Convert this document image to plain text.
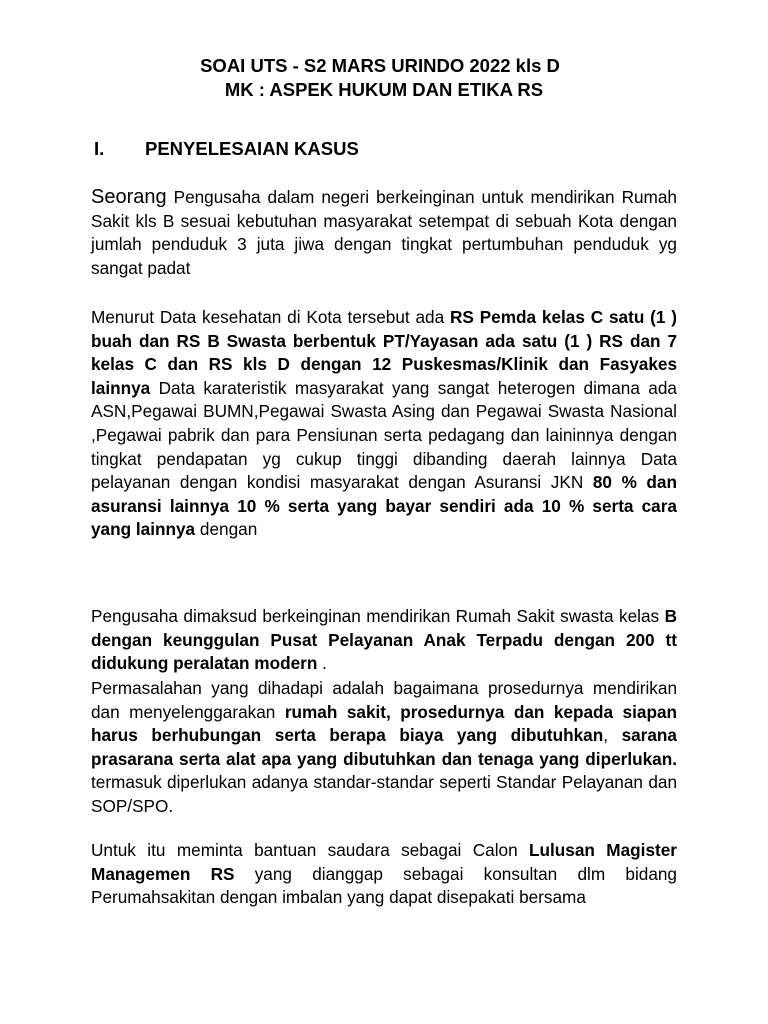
SOAI UTS - S2 MARS URINDO 2022 kls D
MK : ASPEK HUKUM DAN ETIKA RS
I. PENYELESAIAN KASUS

Seorang Pengusaha dalam negeri berkeinginan untuk mendirikan Rumah Sakit kls B sesuai kebutuhan masyarakat setempat di sebuah Kota dengan jumlah penduduk 3 juta jiwa dengan tingkat pertumbuhan penduduk yg sangat padat

Menurut Data kesehatan di Kota tersebut ada RS Pemda kelas C satu (1 ) buah dan RS B Swasta berbentuk PT/Yayasan ada satu (1 ) RS dan 7 kelas C dan RS kls D dengan 12 Puskesmas/Klinik dan Fasyakes lainnya Data karateristik masyarakat yang sangat heterogen dimana ada ASN,Pegawai BUMN,Pegawai Swasta Asing dan Pegawai Swasta Nasional ,Pegawai pabrik dan para Pensiunan serta pedagang dan laininnya dengan tingkat pendapatan yg cukup tinggi dibanding daerah lainnya Data pelayanan dengan kondisi masyarakat dengan Asuransi JKN 80 % dan asuransi lainnya 10 % serta yang bayar sendiri ada 10 % serta cara yang lainnya dengan

Pengusaha dimaksud berkeinginan mendirikan Rumah Sakit swasta kelas B dengan keunggulan Pusat Pelayanan Anak Terpadu dengan 200 tt didukung peralatan modern .

Permasalahan yang dihadapi adalah bagaimana prosedurnya mendirikan dan menyelenggarakan rumah sakit, prosedurnya dan kepada siapan harus berhubungan serta berapa biaya yang dibutuhkan, sarana prasarana serta alat apa yang dibutuhkan dan tenaga yang diperlukan. termasuk diperlukan adanya standar-standar seperti Standar Pelayanan dan SOP/SPO.

Untuk itu meminta bantuan saudara sebagai Calon Lulusan Magister Managemen RS yang dianggap sebagai konsultan dlm bidang Perumahsakitan dengan imbalan yang dapat disepakati bersama
